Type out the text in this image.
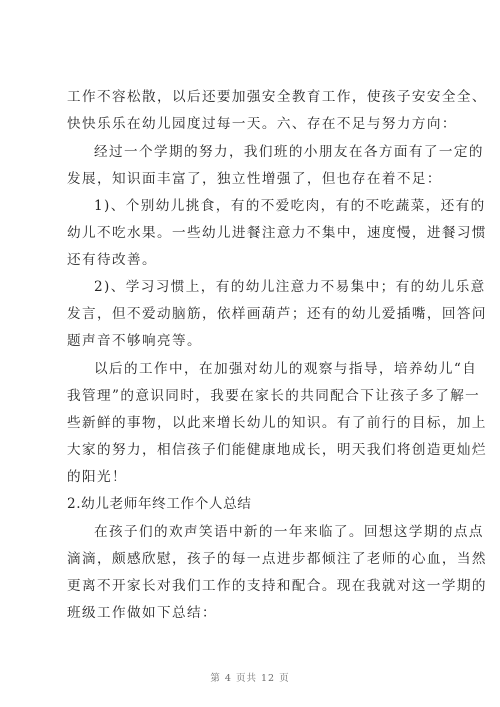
工作不容松散，以后还要加强安全教育工作，使孩子安安全全、
快快乐乐在幼儿园度过每一天。六、存在不足与努力方向：
经过一个学期的努力，我们班的小朋友在各方面有了一定的
发展，知识面丰富了，独立性增强了，但也存在着不足：
1)、个别幼儿挑食，有的不爱吃肉，有的不吃蔬菜，还有的
幼儿不吃水果。一些幼儿进餐注意力不集中，速度慢，进餐习惯
还有待改善。
2)、学习习惯上，有的幼儿注意力不易集中；有的幼儿乐意
发言，但不爱动脑筋，依样画葫芦；还有的幼儿爱插嘴，回答问
题声音不够响亮等。
以后的工作中，在加强对幼儿的观察与指导，培养幼儿“自
我管理”的意识同时，我要在家长的共同配合下让孩子多了解一
些新鲜的事物，以此来增长幼儿的知识。有了前行的目标，加上
大家的努力，相信孩子们能健康地成长，明天我们将创造更灿烂
的阳光！
2.幼儿老师年终工作个人总结
在孩子们的欢声笑语中新的一年来临了。回想这学期的点点
滴滴，颇感欣慰，孩子的每一点进步都倾注了老师的心血，当然
更离不开家长对我们工作的支持和配合。现在我就对这一学期的
班级工作做如下总结：
第 4 页共 12 页
